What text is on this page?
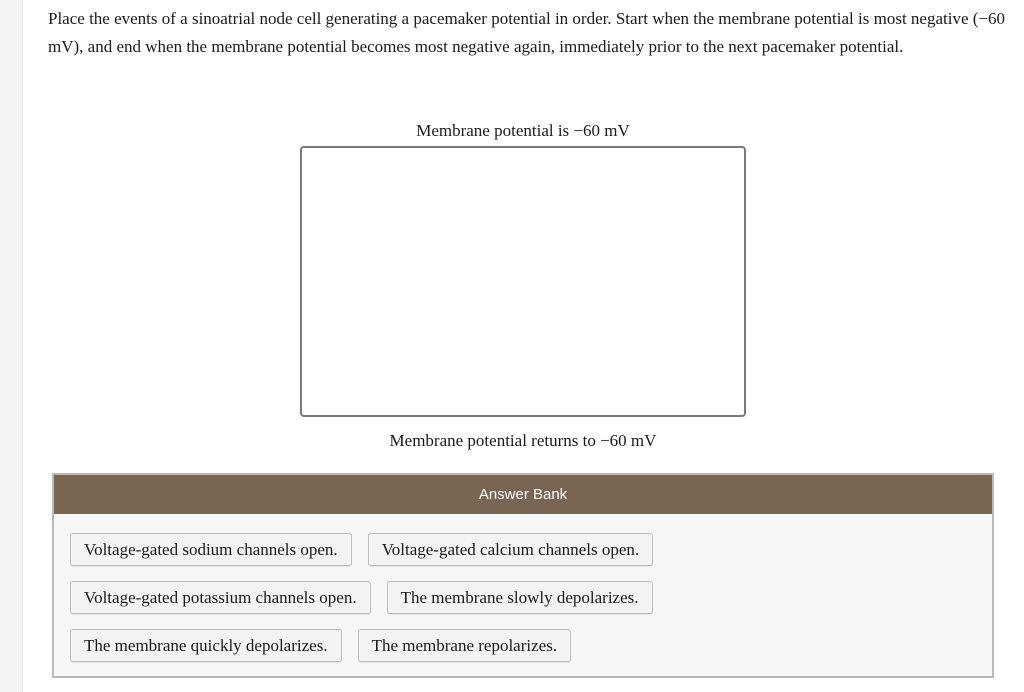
Place the events of a sinoatrial node cell generating a pacemaker potential in order. Start when the membrane potential is most negative (−60 mV), and end when the membrane potential becomes most negative again, immediately prior to the next pacemaker potential.

Membrane potential is −60 mV
Membrane potential returns to −60 mV
Answer Bank
Voltage-gated sodium channels open.	Voltage-gated calcium channels open.
Voltage-gated potassium channels open.	The membrane slowly depolarizes.
The membrane quickly depolarizes.	The membrane repolarizes.
